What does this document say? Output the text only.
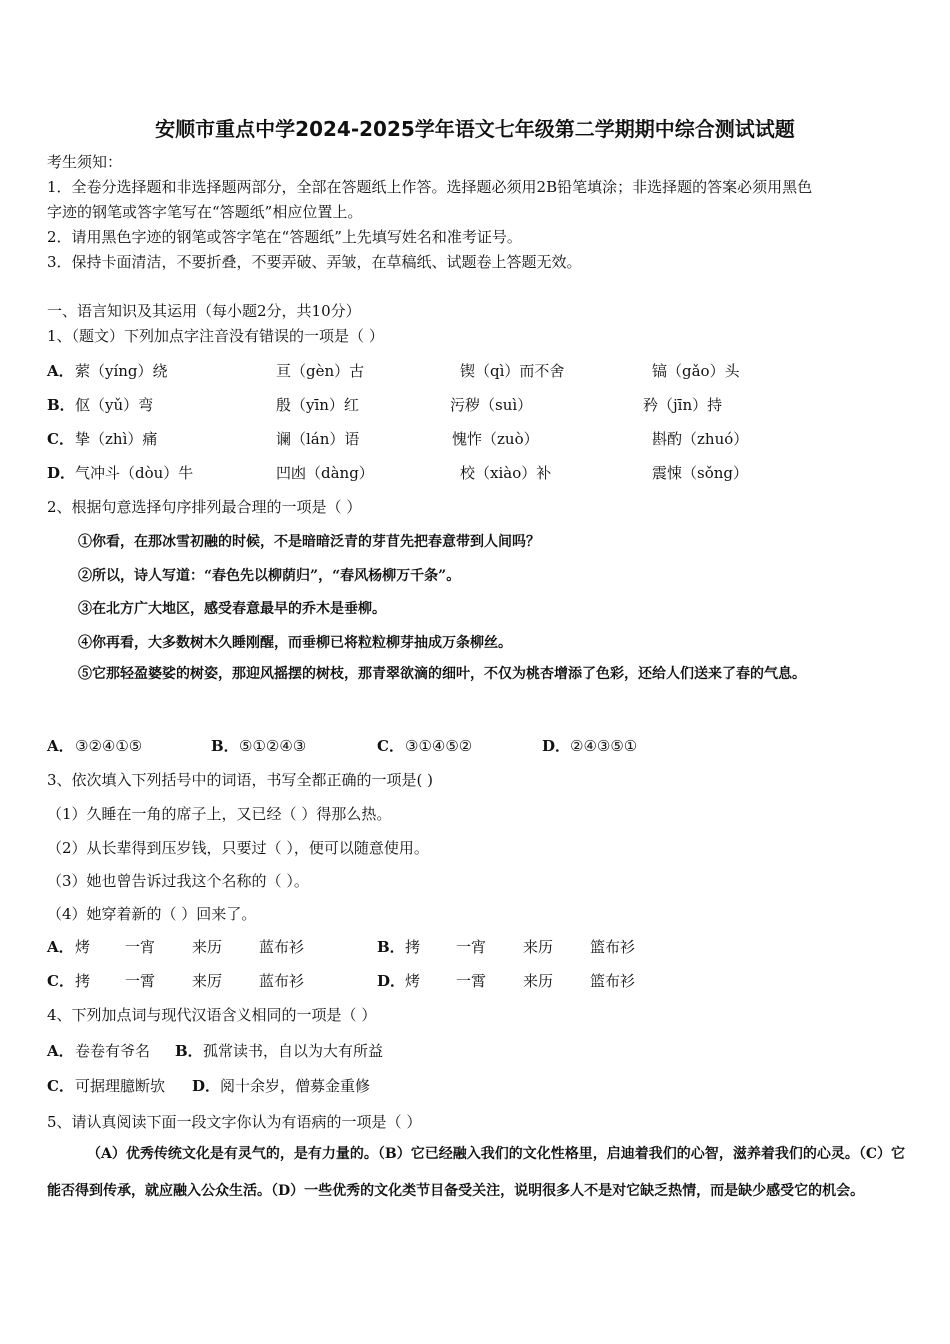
安顺市重点中学2024-2025学年语文七年级第二学期期中综合测试试题
考生须知：
1．全卷分选择题和非选择题两部分，全部在答题纸上作答。选择题必须用2B铅笔填涂；非选择题的答案必须用黑色
字迹的钢笔或答字笔写在“答题纸”相应位置上。
2．请用黑色字迹的钢笔或答字笔在“答题纸”上先填写姓名和准考证号。
3．保持卡面清洁，不要折叠，不要弄破、弄皱，在草稿纸、试题卷上答题无效。
一、语言知识及其运用（每小题2分，共10分）
1、（题文）下列加点字注音没有错误的一项是（ ）
A． 萦（yíng）绕	亘（gèn）古	锲（qì）而不舍	镐（gǎo）头
B． 伛（yǔ）弯	殷（yīn）红	污秽（suì）	矜（jīn）持
C． 挚（zhì）痛	谰（lán）语	愧怍（zuò）	斟酌（zhuó）
D． 气冲斗（dòu）牛	凹凼（dàng）	校（xiào）补	震悚（sǒng）
2、根据句意选择句序排列最合理的一项是（ ）
①你看，在那冰雪初融的时候，不是暗暗泛青的芽苜先把春意带到人间吗？
②所以，诗人写道：“春色先以柳荫归”，“春风杨柳万千条”。
③在北方广大地区，感受春意最早的乔木是垂柳。
④你再看，大多数树木久睡刚醒，而垂柳已将粒粒柳芽抽成万条柳丝。
⑤它那轻盈婆娑的树姿，那迎风摇摆的树枝，那青翠欲滴的细叶，不仅为桃杏增添了色彩，还给人们送来了春的气息。
A． ③②④①⑤	B． ⑤①②④③	C． ③①④⑤②	D． ②④③⑤①
3、依次填入下列括号中的词语，书写全都正确的一项是( )
（1）久睡在一角的席子上，又已经（ ）得那么热。
（2）从长辈得到压岁钱，只要过（ ），便可以随意使用。
（3）她也曾告诉过我这个名称的（ ）。
（4）她穿着新的（ ）回来了。
A． 烤 一宵 来历 蓝布衫	B． 拷 一宵 来历 篮布衫
C． 拷 一霄 来厉 蓝布衫	D． 烤 一霄 来历 篮布衫
4、下列加点词与现代汉语含义相同的一项是（ ）
A． 卷卷有爷名 B． 孤常读书，自以为大有所益
C． 可据理臆断欤 D． 阅十余岁，僧募金重修
5、请认真阅读下面一段文字你认为有语病的一项是（ ）
（A）优秀传统文化是有灵气的，是有力量的。（B）它已经融入我们的文化性格里，启迪着我们的心智，滋养着我们的心灵。（C）它能否得到传承，就应融入公众生活。（D）一些优秀的文化类节目备受关注，说明很多人不是对它缺乏热情，而是缺少感受它的机会。
